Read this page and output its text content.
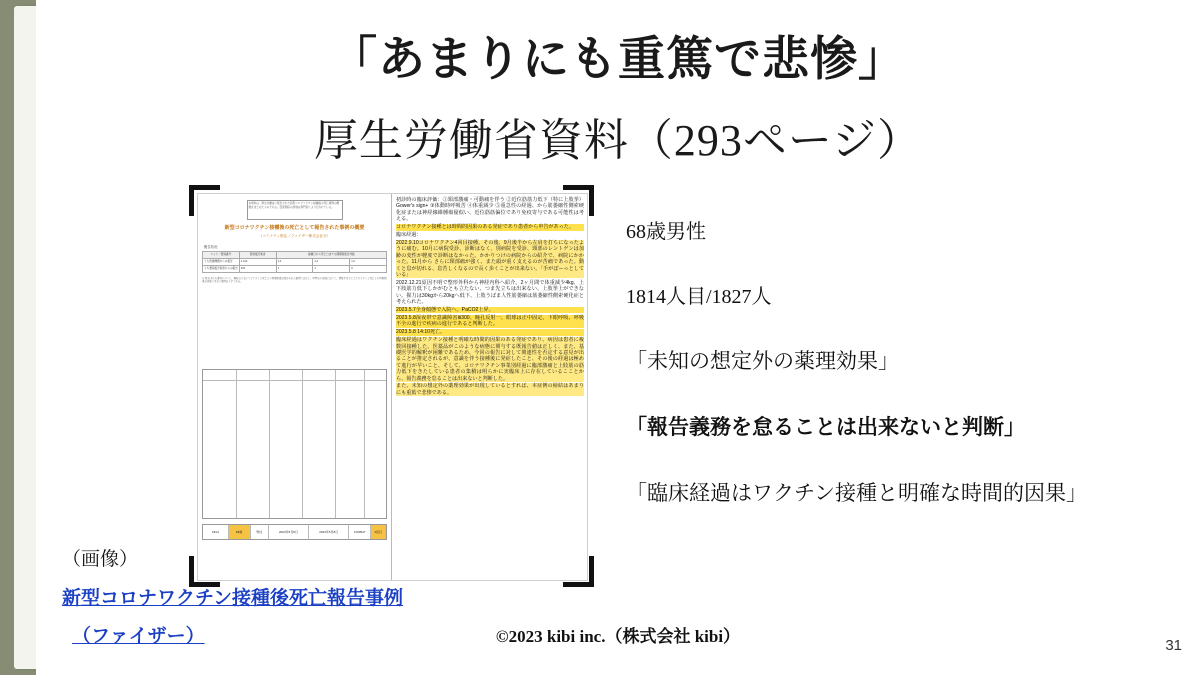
「あまりにも重篤で悲惨」
厚生労働省資料（293ページ）
本資料は、厚生労働省に報告された新型コロナワクチン接種後の死亡事例の概要をまとめたものである。因果関係の評価は専門家により行われている。
新型コロナワクチン接種後の死亡として報告された事例の概要
（コミナティ筋注／ファイザー株式会社分）
報告状況
ロット／製造番号	製造販売業者	接種日から死亡日までの期間別報告件数		
うち医療機関からの報告	1,412	1,0	1,4	1,0
うち製造販売業者からの報告	415	1	1	0
※ 報告された事例について、現時点においてワクチンと死亡との因果関係が認められた事例ではない。専門家の評価において、情報不足等によりワクチンと死亡との因果関係が評価できない事例が大半である。
1814	68歳	男性	2023年5月8日	2023年5月8日	FW0547	4回目

初診時の臨床評価：①頸部激痛・可動痛を伴う ②近位筋筋力低下（特に上肢挙）Gower's sign+ ③体動時呼吸苦 ④体重減少 ⑤重急性の経過、から筋萎縮性側索硬化症または神経線維腫瘍疑似い、近位筋筋偏位であり免疫寄与である可能性は考える。

コロナワクチン接種とは時間的因果のある発症であり患者から申告があった。

臨床経過：

2022.9.10コロナワクチン4回目接種。その後、9月後半から左肩を打ちになったように痛む。10月に病院受診、診断はなく、別病院を受診、頸部のレントゲンは加齢の変性が軽度で診断はなかった。かかりつけの病院からの紹介で、病院にかかった。11月から さらに頸部痛が強く、また頭が重く支えるのが苦痛であった。動くと息が切れる、息苦しくなるので長く歩くことが出来ない。「手がぼーっとしている」

2022.12.21原因不明で整形外科から神経内科へ紹介。2ヶ月間で体重減少4kg、上下肢筋力低下しかがむとも立たない、つま先立ちは出来ない、上肢挙上ができない。握力は30kgから20kgへ低下、上肢うばま人性筋萎縮は筋萎縮性側索硬化症と考えられた。

2023.5.7全身傾態で入院へ。PaCO2上昇。

2023.5.8深夜帯で意識障害Ⅲ300、瞳孔反射一、眼球は正中固定、下眼呼吸、呼吸不全の進行で疾病の進行であると判断した。

2023.5.8 14:10死亡。

臨床経過はワクチン接種と明確な時間的因果のある発症であり、病因は患者に複数回接種した。医薬品がこのような病態に関与する既報告値は正しく、また、基礎医学的解釈が困難であるため、今回の報告に対して関連性を否定する意見が出ることが推定されるが、意識を伴う接種後に発症したこと、その後の経過は極めて進行が早いこと、そして、コロナワクチン事業別経過に臨部激痛と上肢筋の筋力低下をきたしている患者の集積は明らかに実臨床上に存在しているこことから、報告義務を怠ることは出来ないと判断した。

また、未知の想定外の薬理効果が出現しているとすれば、本症例の帰結はあまりにも重篤で悲惨である。

68歳男性
1814人目/1827人
「未知の想定外の薬理効果」
「報告義務を怠ることは出来ないと判断」
「臨床経過はワクチン接種と明確な時間的因果」
（画像）
新型コロナワクチン接種後死亡報告事例
（ファイザー）	©2023 kibi inc.（株式会社 kibi）	31
